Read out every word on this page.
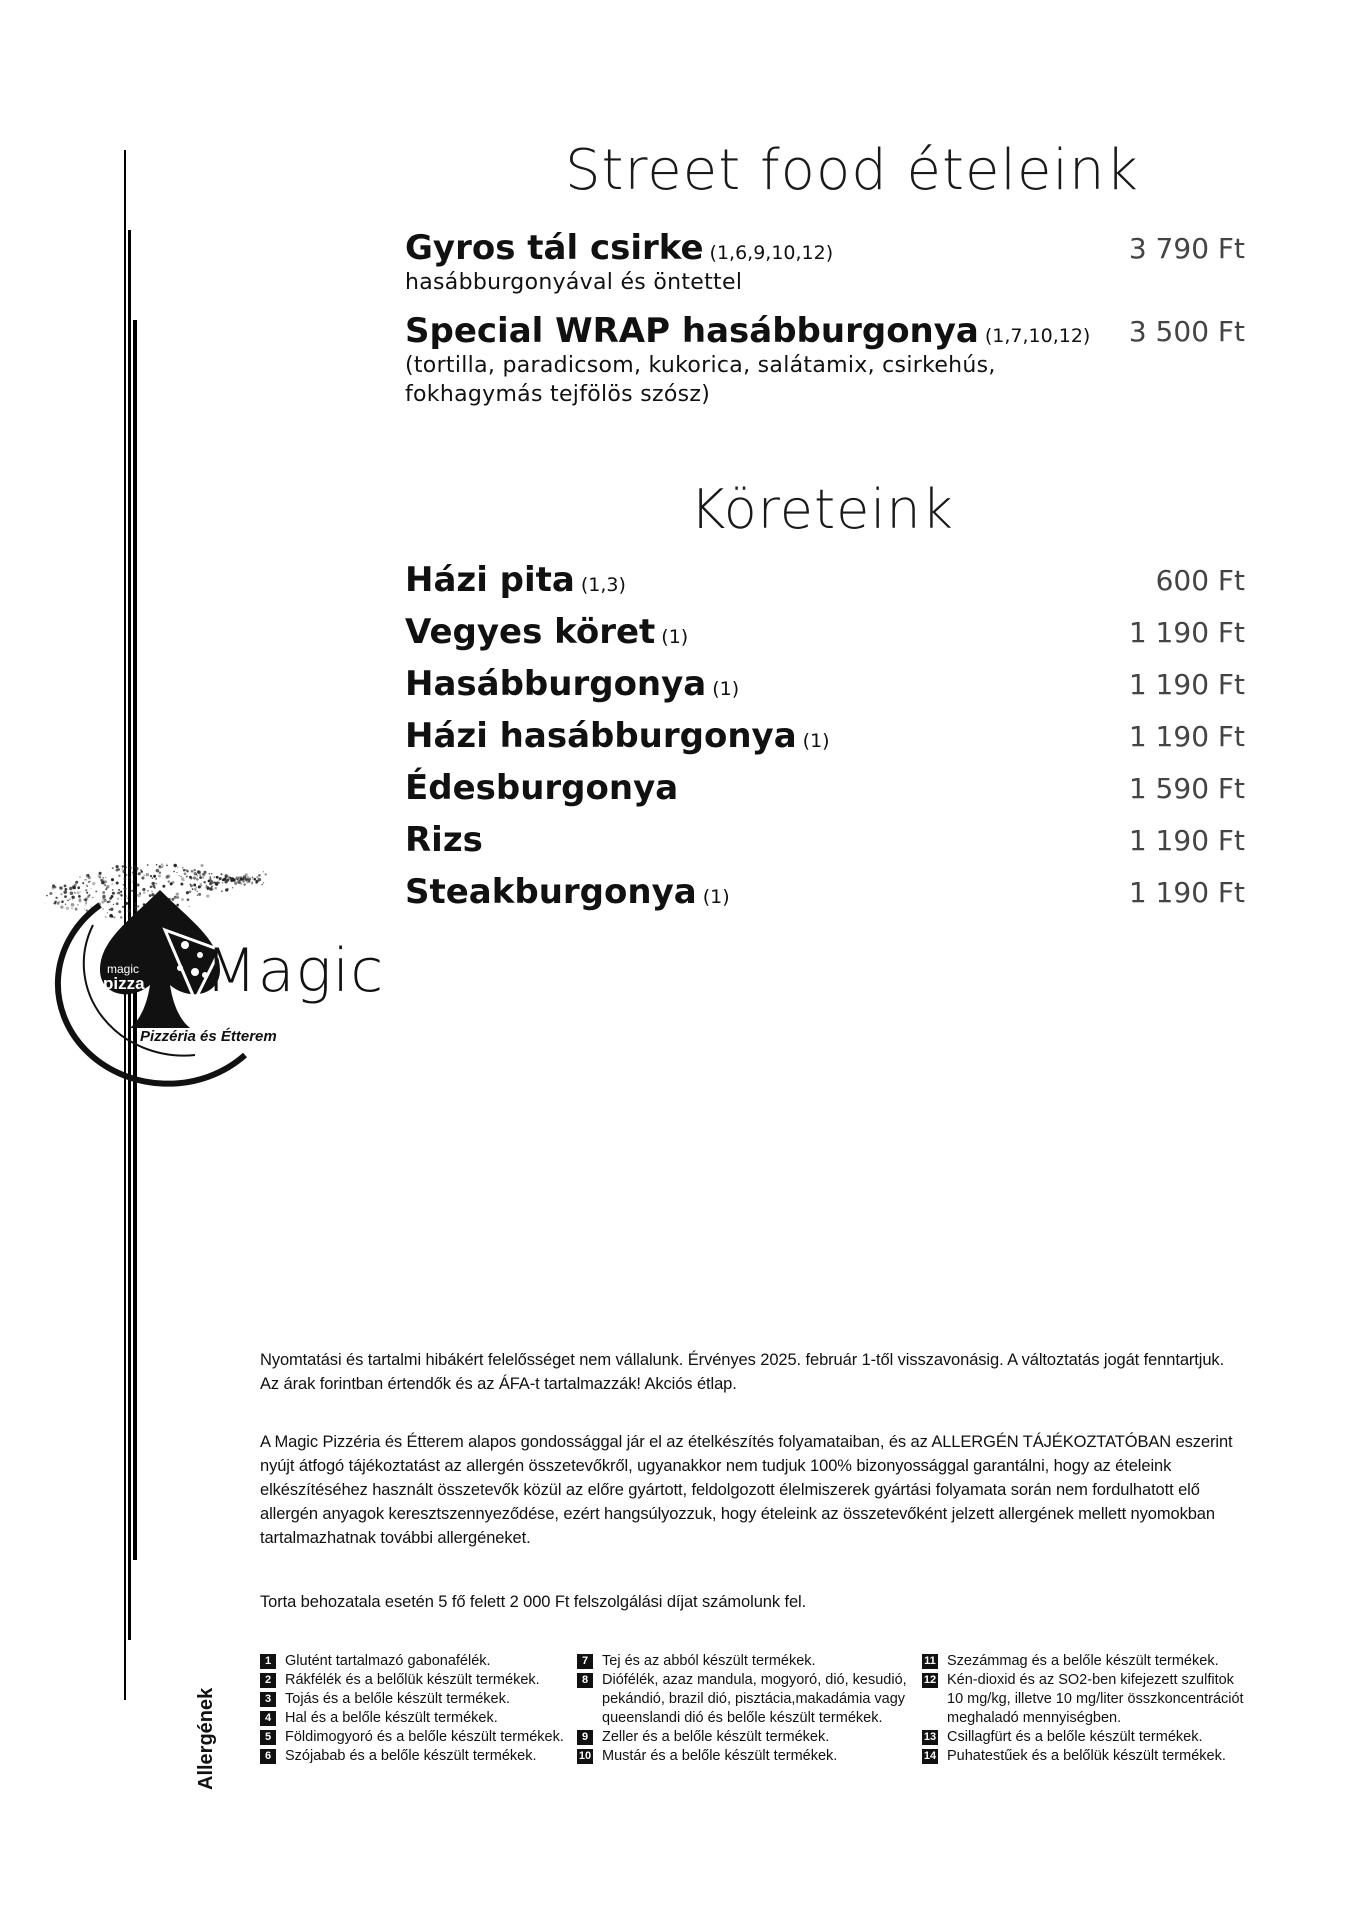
Street food ételeink
Gyros tál csirke (1,6,9,10,12)
hasábburgonyával és öntettel
3 790 Ft
Special WRAP hasábburgonya (1,7,10,12)
(tortilla, paradicsom, kukorica, salátamix, csirkehús, fokhagymás tejfölös szósz)
3 500 Ft
Köreteink
Házi pita (1,3)	600 Ft
Vegyes köret (1)	1 190 Ft
Hasábburgonya (1)	1 190 Ft
Házi hasábburgonya (1)	1 190 Ft
Édesburgonya	1 590 Ft
Rizs	1 190 Ft
Steakburgonya (1)	1 190 Ft
magic
pizza Magic
Pizzéria és Étterem

Nyomtatási és tartalmi hibákért felelősséget nem vállalunk. Érvényes 2025. február 1-től visszavonásig. A változtatás jogát fenntartjuk. Az árak forintban értendők és az ÁFA-t tartalmazzák! Akciós étlap.

A Magic Pizzéria és Étterem alapos gondossággal jár el az ételkészítés folyamataiban, és az ALLERGÉN TÁJÉKOZTATÓBAN eszerint nyújt átfogó tájékoztatást az allergén összetevőkről, ugyanakkor nem tudjuk 100% bizonyossággal garantálni, hogy az ételeink elkészítéséhez használt összetevők közül az előre gyártott, feldolgozott élelmiszerek gyártási folyamata során nem fordulhatott elő allergén anyagok keresztszennyeződése, ezért hangsúlyozzuk, hogy ételeink az összetevőként jelzett allergének mellett nyomokban tartalmazhatnak további allergéneket.

Torta behozatala esetén 5 fő felett 2 000 Ft felszolgálási díjat számolunk fel.

Allergének
1 Glutént tartalmazó gabonafélék.
2 Rákfélék és a belőlük készült termékek.
3 Tojás és a belőle készült termékek.
4 Hal és a belőle készült termékek.
5 Földimogyoró és a belőle készült termékek.
6 Szójabab és a belőle készült termékek.
7 Tej és az abból készült termékek.
8 Diófélék, azaz mandula, mogyoró, dió, kesudió, pekándió, brazil dió, pisztácia,makadámia vagy queenslandi dió és belőle készült termékek.
9 Zeller és a belőle készült termékek.
10 Mustár és a belőle készült termékek.
11 Szezámmag és a belőle készült termékek.
12 Kén-dioxid és az SO2-ben kifejezett szulfitok 10 mg/kg, illetve 10 mg/liter összkoncentrációt meghaladó mennyiségben.
13 Csillagfürt és a belőle készült termékek.
14 Puhatestűek és a belőlük készült termékek.
